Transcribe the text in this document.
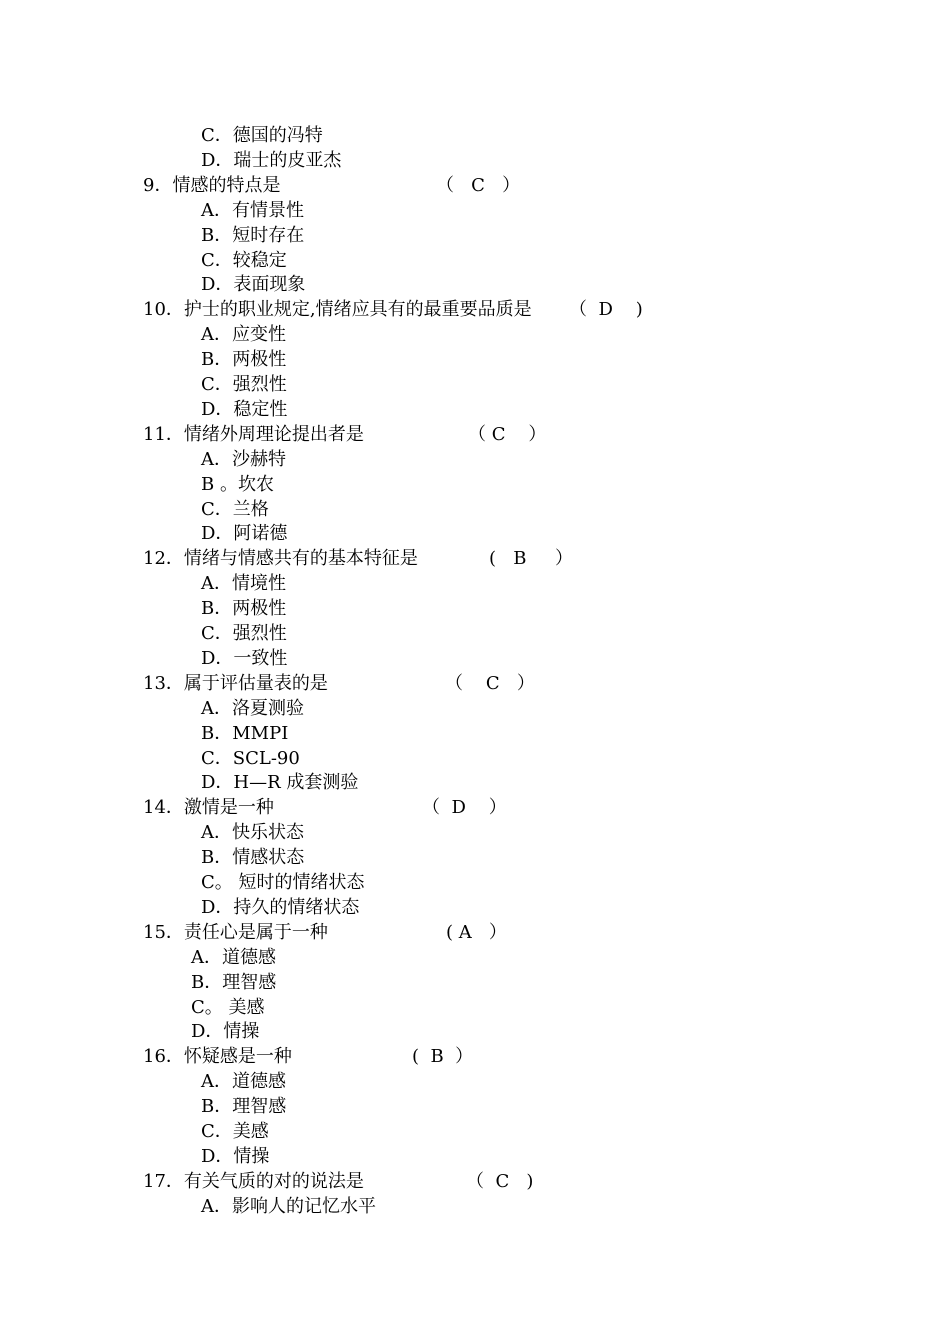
C．德国的冯特
D．瑞士的皮亚杰
9．情感的特点是	（   C   ）
A．有情景性
B．短时存在
C．较稳定
D．表面现象
10．护士的职业规定,情绪应具有的最重要品质是 （  D    )
A．应变性
B．两极性
C．强烈性
D．稳定性
11．情绪外周理论提出者是	（ C    ）
A．沙赫特
B 。坎农
C．兰格
D．阿诺德
12．情绪与情感共有的基本特征是	(   B     ）
A．情境性
B．两极性
C．强烈性
D．一致性
13．属于评估量表的是	（    C   ）
A．洛夏测验
B．MMPI
C．SCL-90
D．H—R 成套测验
14．激情是一种	（  D    ）
A．快乐状态
B．情感状态
C。 短时的情绪状态
D．持久的情绪状态
15．责任心是属于一种	( A   ）
A．道德感
B．理智感
C。 美感
D．情操
16．怀疑感是一种	(  B  ）
A．道德感
B．理智感
C．美感
D．情操
17．有关气质的对的说法是	（  C   )
A．影响人的记忆水平
